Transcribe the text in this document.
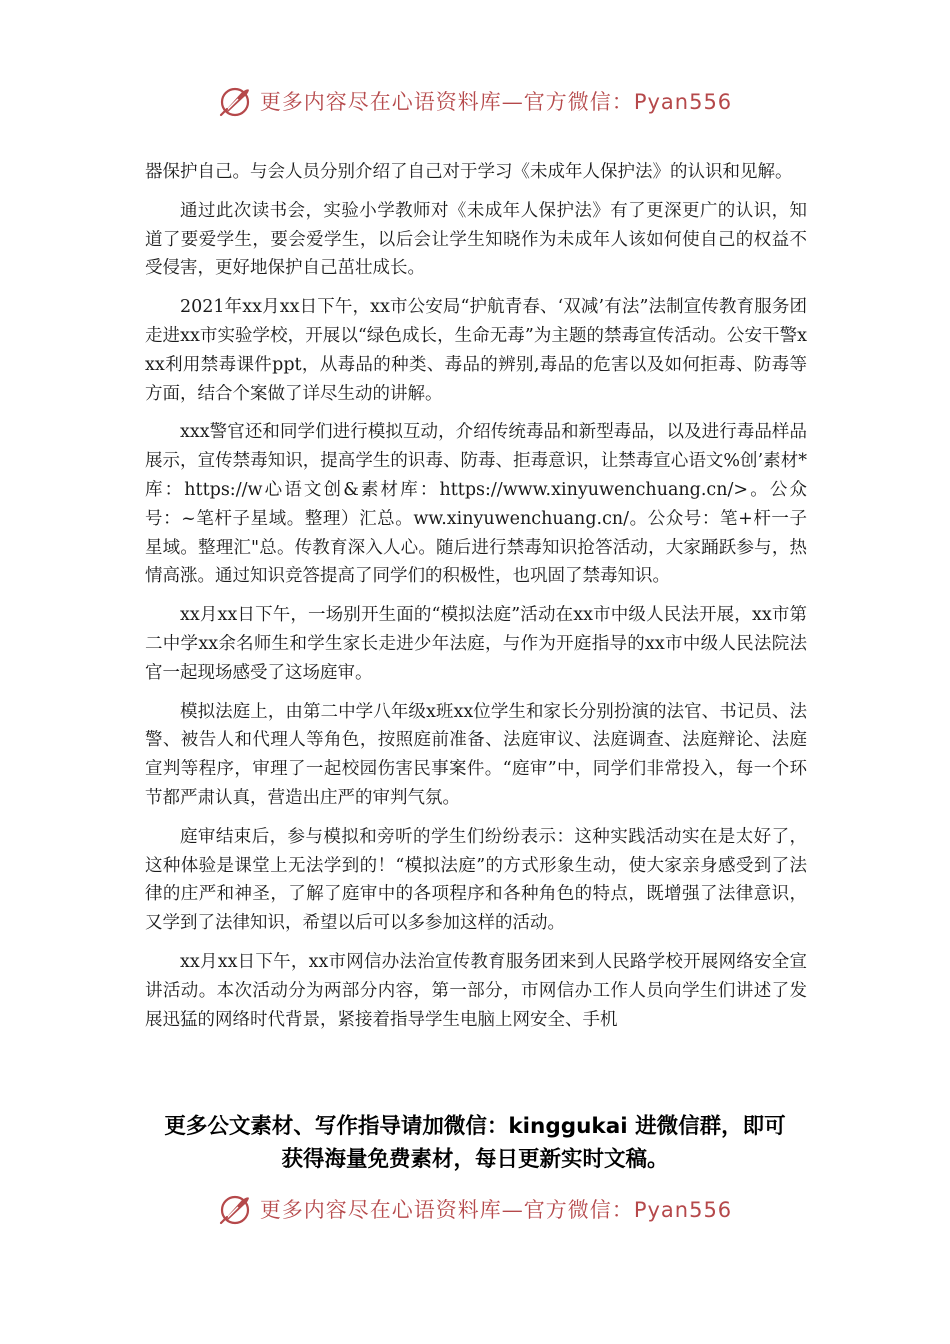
更多内容尽在心语资料库—官方微信：Pyan556

器保护自己。与会人员分别介绍了自己对于学习《未成年人保护法》的认识和见解。

通过此次读书会，实验小学教师对《未成年人保护法》有了更深更广的认识，知道了要爱学生，要会爱学生，以后会让学生知晓作为未成年人该如何使自己的权益不受侵害，更好地保护自己茁壮成长。

2021年xx月xx日下午，xx市公安局“护航青春、‘双减’有法”法制宣传教育服务团走进xx市实验学校，开展以“绿色成长，生命无毒”为主题的禁毒宣传活动。公安干警xxx利用禁毒课件ppt，从毒品的种类、毒品的辨别,毒品的危害以及如何拒毒、防毒等方面，结合个案做了详尽生动的讲解。

xxx警官还和同学们进行模拟互动，介绍传统毒品和新型毒品，以及进行毒品样品展示，宣传禁毒知识，提高学生的识毒、防毒、拒毒意识，让禁毒宣心语文%创’素材*库：https://w心语文创&素材库：https://www.xinyuwenchuang.cn/>。公众号：~笔杆子星域。整理）汇总。ww.xinyuwenchuang.cn/。公众号：笔+杆一子星域。整理汇"总。传教育深入人心。随后进行禁毒知识抢答活动，大家踊跃参与，热情高涨。通过知识竞答提高了同学们的积极性，也巩固了禁毒知识。

xx月xx日下午，一场别开生面的“模拟法庭”活动在xx市中级人民法开展，xx市第二中学xx余名师生和学生家长走进少年法庭，与作为开庭指导的xx市中级人民法院法官一起现场感受了这场庭审。

模拟法庭上，由第二中学八年级x班xx位学生和家长分别扮演的法官、书记员、法警、被告人和代理人等角色，按照庭前准备、法庭审议、法庭调查、法庭辩论、法庭宣判等程序，审理了一起校园伤害民事案件。“庭审”中，同学们非常投入，每一个环节都严肃认真，营造出庄严的审判气氛。

庭审结束后，参与模拟和旁听的学生们纷纷表示：这种实践活动实在是太好了，这种体验是课堂上无法学到的！“模拟法庭”的方式形象生动，使大家亲身感受到了法律的庄严和神圣，了解了庭审中的各项程序和各种角色的特点，既增强了法律意识，又学到了法律知识，希望以后可以多参加这样的活动。

xx月xx日下午，xx市网信办法治宣传教育服务团来到人民路学校开展网络安全宣讲活动。本次活动分为两部分内容，第一部分，市网信办工作人员向学生们讲述了发展迅猛的网络时代背景，紧接着指导学生电脑上网安全、手机

更多公文素材、写作指导请加微信：kinggukai 进微信群，即可
获得海量免费素材，每日更新实时文稿。
更多内容尽在心语资料库—官方微信：Pyan556
